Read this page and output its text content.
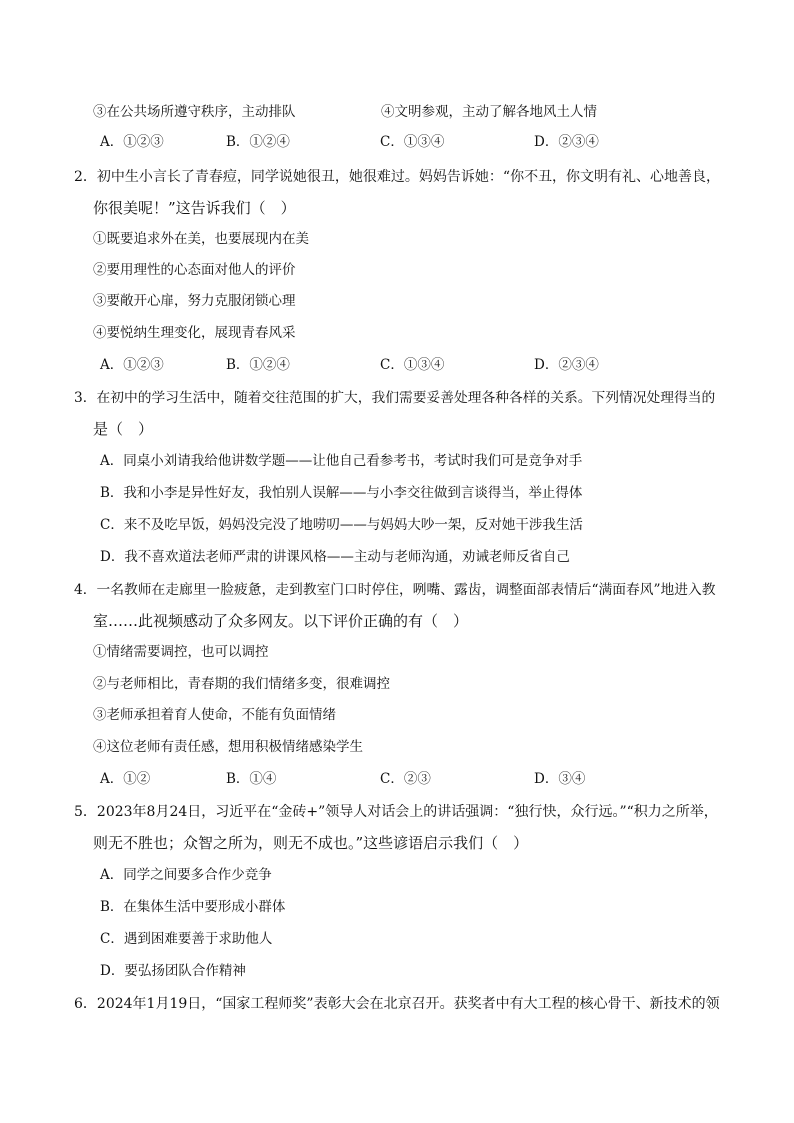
③在公共场所遵守秩序，主动排队	④文明参观，主动了解各地风土人情
A．①②③	B．①②④	C．①③④	D．②③④
2．初中生小言长了青春痘，同学说她很丑，她很难过。妈妈告诉她：“你不丑，你文明有礼、心地善良，
你很美呢！”这告诉我们（　）
①既要追求外在美，也要展现内在美
②要用理性的心态面对他人的评价
③要敞开心扉，努力克服闭锁心理
④要悦纳生理变化，展现青春风采
A．①②③	B．①②④	C．①③④	D．②③④
3．在初中的学习生活中，随着交往范围的扩大，我们需要妥善处理各种各样的关系。下列情况处理得当的
是（　）
A．同桌小刘请我给他讲数学题——让他自己看参考书，考试时我们可是竞争对手
B．我和小李是异性好友，我怕别人误解——与小李交往做到言谈得当，举止得体
C．来不及吃早饭，妈妈没完没了地唠叨——与妈妈大吵一架，反对她干涉我生活
D．我不喜欢道法老师严肃的讲课风格——主动与老师沟通，劝诫老师反省自己
4．一名教师在走廊里一脸疲惫，走到教室门口时停住，咧嘴、露齿，调整面部表情后“满面春风”地进入教
室……此视频感动了众多网友。以下评价正确的有（　）
①情绪需要调控，也可以调控
②与老师相比，青春期的我们情绪多变，很难调控
③老师承担着育人使命，不能有负面情绪
④这位老师有责任感，想用积极情绪感染学生
A．①②	B．①④	C．②③	D．③④
5．2023年8月24日，习近平在“金砖+”领导人对话会上的讲话强调：“独行快，众行远。”“积力之所举，
则无不胜也；众智之所为，则无不成也。”这些谚语启示我们（　）
A．同学之间要多合作少竞争
B．在集体生活中要形成小群体
C．遇到困难要善于求助他人
D．要弘扬团队合作精神
6．2024年1月19日，“国家工程师奖”表彰大会在北京召开。获奖者中有大工程的核心骨干、新技术的领
